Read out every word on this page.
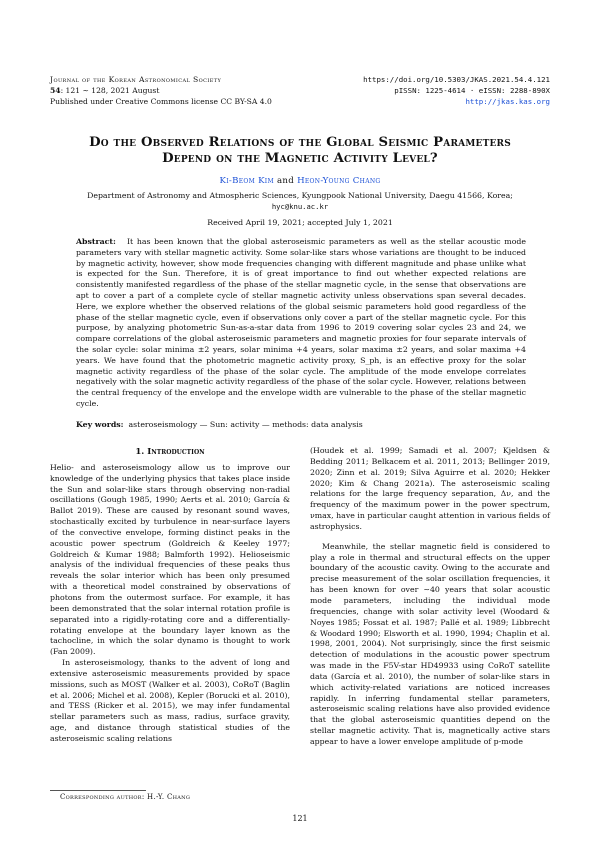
Journal of the Korean Astronomical Society
54: 121 ∼ 128, 2021 August
Published under Creative Commons license CC BY-SA 4.0
https://doi.org/10.5303/JKAS.2021.54.4.121
pISSN: 1225-4614 · eISSN: 2288-890X
http://jkas.kas.org
Do the Observed Relations of the Global Seismic Parameters
Depend on the Magnetic Activity Level?
Ki-Beom Kim and Heon-Young Chang
Department of Astronomy and Atmospheric Sciences, Kyungpook National University, Daegu 41566, Korea;
hyc@knu.ac.kr
Received April 19, 2021; accepted July 1, 2021
Abstract: It has been known that the global asteroseismic parameters as well as the stellar acoustic mode parameters vary with stellar magnetic activity. Some solar-like stars whose variations are thought to be induced by magnetic activity, however, show mode frequencies changing with different magnitude and phase unlike what is expected for the Sun. Therefore, it is of great importance to find out whether expected relations are consistently manifested regardless of the phase of the stellar magnetic cycle, in the sense that observations are apt to cover a part of a complete cycle of stellar magnetic activity unless observations span several decades. Here, we explore whether the observed relations of the global seismic parameters hold good regardless of the phase of the stellar magnetic cycle, even if observations only cover a part of the stellar magnetic cycle. For this purpose, by analyzing photometric Sun-as-a-star data from 1996 to 2019 covering solar cycles 23 and 24, we compare correlations of the global asteroseismic parameters and magnetic proxies for four separate intervals of the solar cycle: solar minima ±2 years, solar minima +4 years, solar maxima ±2 years, and solar maxima +4 years. We have found that the photometric magnetic activity proxy, S_ph, is an effective proxy for the solar magnetic activity regardless of the phase of the solar cycle. The amplitude of the mode envelope correlates negatively with the solar magnetic activity regardless of the phase of the solar cycle. However, relations between the central frequency of the envelope and the envelope width are vulnerable to the phase of the stellar magnetic cycle.
Key words: asteroseismology — Sun: activity — methods: data analysis
1. Introduction

Helio- and asteroseismology allow us to improve our knowledge of the underlying physics that takes place inside the Sun and solar-like stars through observing non-radial oscillations (Gough 1985, 1990; Aerts et al. 2010; García & Ballot 2019). These are caused by resonant sound waves, stochastically excited by turbulence in near-surface layers of the convective envelope, forming distinct peaks in the acoustic power spectrum (Goldreich & Keeley 1977; Goldreich & Kumar 1988; Balmforth 1992). Helioseismic analysis of the individual frequencies of these peaks thus reveals the solar interior which has been only presumed with a theoretical model constrained by observations of photons from the outermost surface. For example, it has been demonstrated that the solar internal rotation profile is separated into a rigidly-rotating core and a differentially-rotating envelope at the boundary layer known as the tachocline, in which the solar dynamo is thought to work (Fan 2009).

In asteroseismology, thanks to the advent of long and extensive asteroseismic measurements provided by space missions, such as MOST (Walker et al. 2003), CoRoT (Baglin et al. 2006; Michel et al. 2008), Kepler (Borucki et al. 2010), and TESS (Ricker et al. 2015), we may infer fundamental stellar parameters such as mass, radius, surface gravity, age, and distance through statistical studies of the asteroseismic scaling relations

(Houdek et al. 1999; Samadi et al. 2007; Kjeldsen & Bedding 2011; Belkacem et al. 2011, 2013; Bellinger 2019, 2020; Zinn et al. 2019; Silva Aguirre et al. 2020; Hekker 2020; Kim & Chang 2021a). The asteroseismic scaling relations for the large frequency separation, Δν, and the frequency of the maximum power in the power spectrum, νmax, have in particular caught attention in various fields of astrophysics.

Meanwhile, the stellar magnetic field is considered to play a role in thermal and structural effects on the upper boundary of the acoustic cavity. Owing to the accurate and precise measurement of the solar oscillation frequencies, it has been known for over ∼40 years that solar acoustic mode parameters, including the individual mode frequencies, change with solar activity level (Woodard & Noyes 1985; Fossat et al. 1987; Pallé et al. 1989; Libbrecht & Woodard 1990; Elsworth et al. 1990, 1994; Chaplin et al. 1998, 2001, 2004). Not surprisingly, since the first seismic detection of modulations in the acoustic power spectrum was made in the F5V-star HD49933 using CoRoT satellite data (García et al. 2010), the number of solar-like stars in which activity-related variations are noticed increases rapidly. In inferring fundamental stellar parameters, asteroseismic scaling relations have also provided evidence that the global asteroseismic quantities depend on the stellar magnetic activity. That is, magnetically active stars appear to have a lower envelope amplitude of p-mode

Corresponding author: H.-Y. Chang
121
